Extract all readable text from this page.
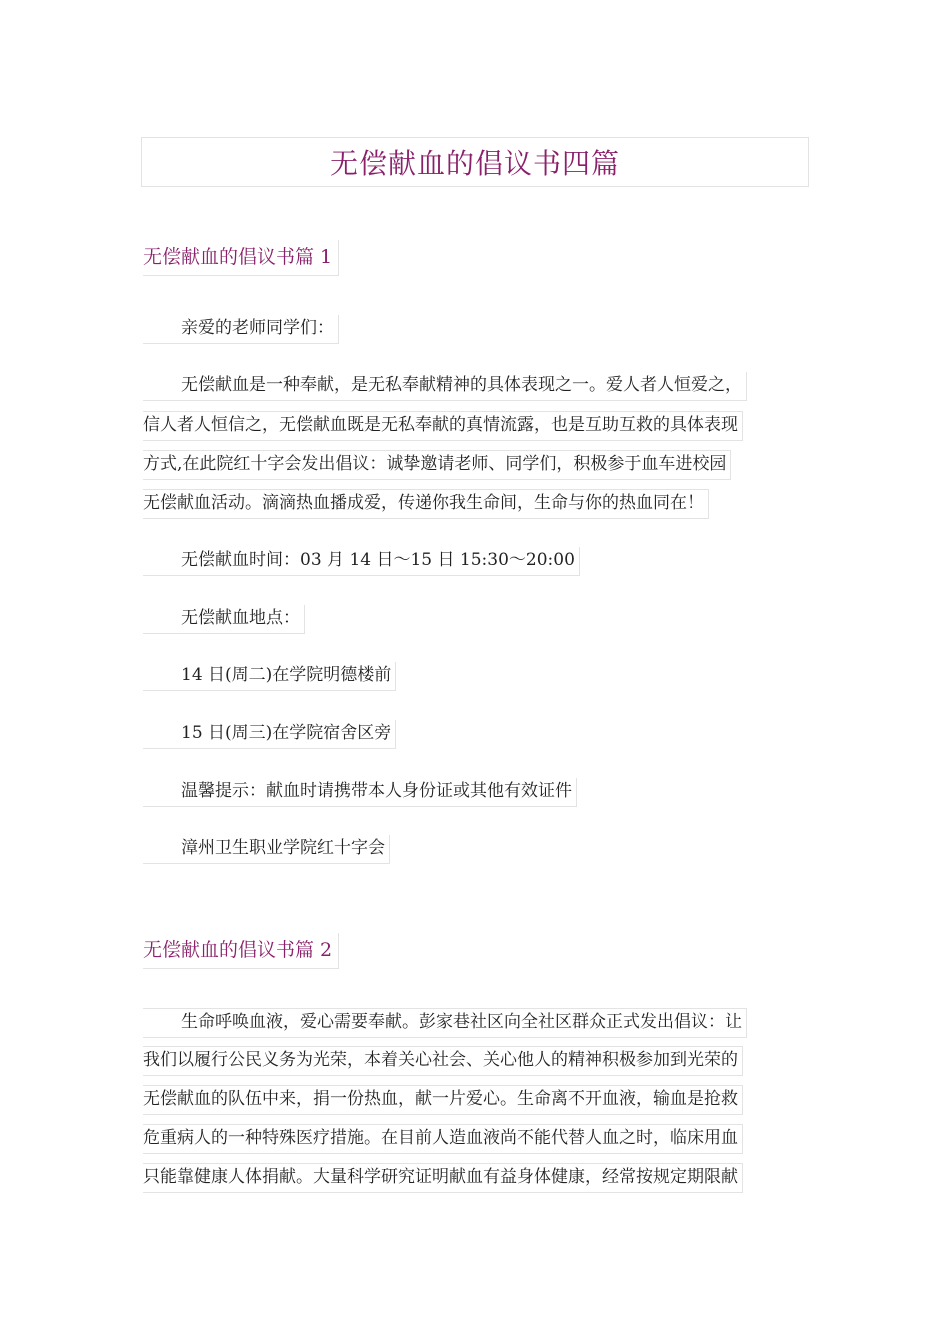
无偿献血的倡议书四篇
无偿献血的倡议书篇 1
亲爱的老师同学们：
无偿献血是一种奉献，是无私奉献精神的具体表现之一。爱人者人恒爱之，
信人者人恒信之，无偿献血既是无私奉献的真情流露，也是互助互救的具体表现
方式,在此院红十字会发出倡议：诚挚邀请老师、同学们，积极参于血车进校园
无偿献血活动。滴滴热血播成爱，传递你我生命间，生命与你的热血同在！
无偿献血时间：03 月 14 日～15 日 15:30～20:00
无偿献血地点：
14 日(周二)在学院明德楼前
15 日(周三)在学院宿舍区旁
温馨提示：献血时请携带本人身份证或其他有效证件
漳州卫生职业学院红十字会
无偿献血的倡议书篇 2
生命呼唤血液，爱心需要奉献。彭家巷社区向全社区群众正式发出倡议：让
我们以履行公民义务为光荣，本着关心社会、关心他人的精神积极参加到光荣的
无偿献血的队伍中来，捐一份热血，献一片爱心。生命离不开血液，输血是抢救
危重病人的一种特殊医疗措施。在目前人造血液尚不能代替人血之时，临床用血
只能靠健康人体捐献。大量科学研究证明献血有益身体健康，经常按规定期限献
